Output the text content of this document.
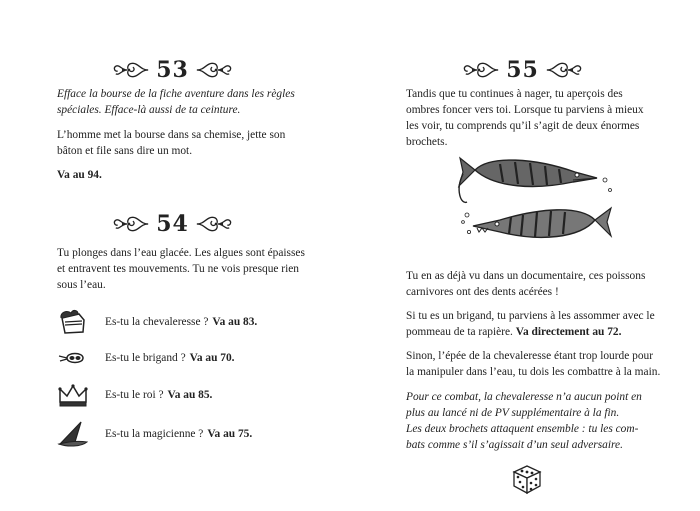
53

Efface la bourse de la fiche aventure dans les règles

spéciales. Efface-là aussi de ta ceinture.

L’homme met la bourse dans sa chemise, jette son

bâton et file sans dire un mot.

Va au 94.

54

Tu plonges dans l’eau glacée. Les algues sont épaisses

et entravent tes mouvements. Tu ne vois presque rien

sous l’eau.

Es-tu la chevaleresse ?
Va au 83.
Es-tu le brigand ?
Va au 70.
Es-tu le roi ?
Va au 85.
Es-tu la magicienne ?
Va au 75.
55

Tandis que tu continues à nager, tu aperçois des

ombres foncer vers toi. Lorsque tu parviens à mieux

les voir, tu comprends qu’il s’agit de deux énormes

brochets.

Tu en as déjà vu dans un documentaire, ces poissons

carnivores ont des dents acérées !

Si tu es un brigand, tu parviens à les assommer avec le

pommeau de ta rapière. Va directement au 72.

Sinon, l’épée de la chevaleresse étant trop lourde pour

la manipuler dans l’eau, tu dois les combattre à la main.

Pour ce combat, la chevaleresse n’a aucun point en

plus au lancé ni de PV supplémentaire à la fin.

Les deux brochets attaquent ensemble : tu les com-

bats comme s’il s’agissait d’un seul adversaire.
